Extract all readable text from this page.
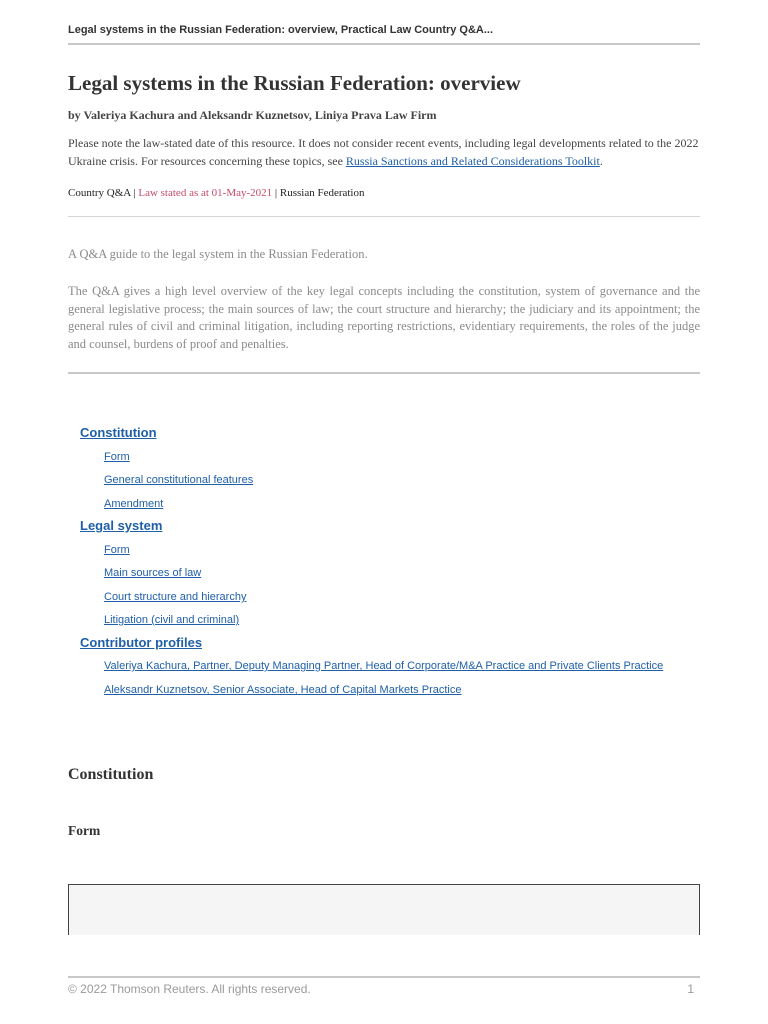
Legal systems in the Russian Federation: overview, Practical Law Country Q&A...
Legal systems in the Russian Federation: overview
by Valeriya Kachura and Aleksandr Kuznetsov, Liniya Prava Law Firm
Please note the law-stated date of this resource. It does not consider recent events, including legal developments related to the 2022 Ukraine crisis. For resources concerning these topics, see Russia Sanctions and Related Considerations Toolkit.
Country Q&A | Law stated as at 01-May-2021 | Russian Federation

A Q&A guide to the legal system in the Russian Federation.

The Q&A gives a high level overview of the key legal concepts including the constitution, system of governance and the general legislative process; the main sources of law; the court structure and hierarchy; the judiciary and its appointment; the general rules of civil and criminal litigation, including reporting restrictions, evidentiary requirements, the roles of the judge and counsel, burdens of proof and penalties.

Constitution
Form
General constitutional features
Amendment
Legal system
Form
Main sources of law
Court structure and hierarchy
Litigation (civil and criminal)
Contributor profiles
Valeriya Kachura, Partner, Deputy Managing Partner, Head of Corporate/M&A Practice and Private Clients Practice
Aleksandr Kuznetsov, Senior Associate, Head of Capital Markets Practice
Constitution
Form
© 2022 Thomson Reuters. All rights reserved.	1
